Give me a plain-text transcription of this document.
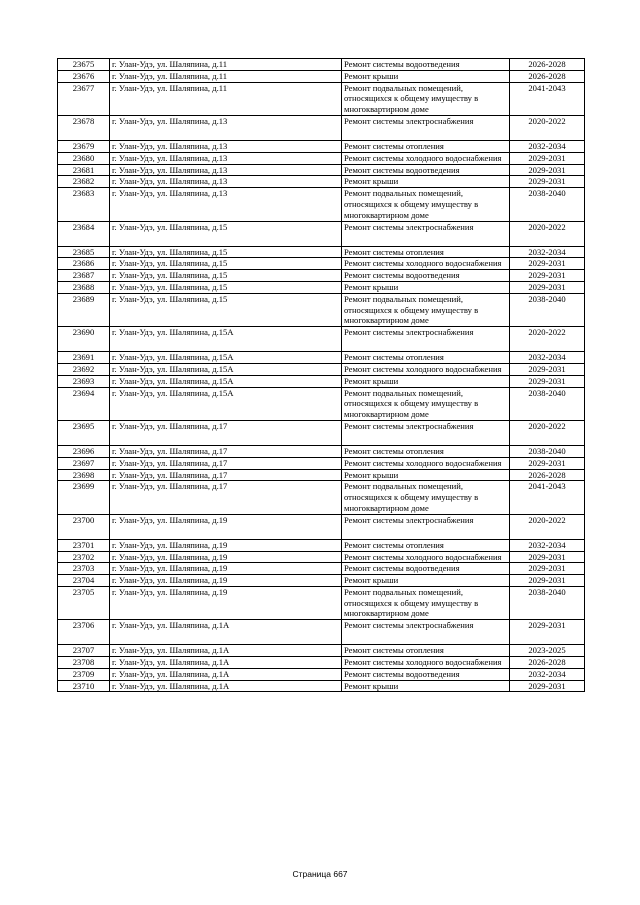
23675	г. Улан-Удэ, ул. Шаляпина, д.11	Ремонт системы водоотведения	2026-2028
23676	г. Улан-Удэ, ул. Шаляпина, д.11	Ремонт крыши	2026-2028
23677	г. Улан-Удэ, ул. Шаляпина, д.11	Ремонт подвальных помещений, относящихся к общему имуществу в многоквартирном доме	2041-2043
23678	г. Улан-Удэ, ул. Шаляпина, д.13	Ремонт системы электроснабжения	2020-2022
23679	г. Улан-Удэ, ул. Шаляпина, д.13	Ремонт системы отопления	2032-2034
23680	г. Улан-Удэ, ул. Шаляпина, д.13	Ремонт системы холодного водоснабжения	2029-2031
23681	г. Улан-Удэ, ул. Шаляпина, д.13	Ремонт системы водоотведения	2029-2031
23682	г. Улан-Удэ, ул. Шаляпина, д.13	Ремонт крыши	2029-2031
23683	г. Улан-Удэ, ул. Шаляпина, д.13	Ремонт подвальных помещений, относящихся к общему имуществу в многоквартирном доме	2038-2040
23684	г. Улан-Удэ, ул. Шаляпина, д.15	Ремонт системы электроснабжения	2020-2022
23685	г. Улан-Удэ, ул. Шаляпина, д.15	Ремонт системы отопления	2032-2034
23686	г. Улан-Удэ, ул. Шаляпина, д.15	Ремонт системы холодного водоснабжения	2029-2031
23687	г. Улан-Удэ, ул. Шаляпина, д.15	Ремонт системы водоотведения	2029-2031
23688	г. Улан-Удэ, ул. Шаляпина, д.15	Ремонт крыши	2029-2031
23689	г. Улан-Удэ, ул. Шаляпина, д.15	Ремонт подвальных помещений, относящихся к общему имуществу в многоквартирном доме	2038-2040
23690	г. Улан-Удэ, ул. Шаляпина, д.15А	Ремонт системы электроснабжения	2020-2022
23691	г. Улан-Удэ, ул. Шаляпина, д.15А	Ремонт системы отопления	2032-2034
23692	г. Улан-Удэ, ул. Шаляпина, д.15А	Ремонт системы холодного водоснабжения	2029-2031
23693	г. Улан-Удэ, ул. Шаляпина, д.15А	Ремонт крыши	2029-2031
23694	г. Улан-Удэ, ул. Шаляпина, д.15А	Ремонт подвальных помещений, относящихся к общему имуществу в многоквартирном доме	2038-2040
23695	г. Улан-Удэ, ул. Шаляпина, д.17	Ремонт системы электроснабжения	2020-2022
23696	г. Улан-Удэ, ул. Шаляпина, д.17	Ремонт системы отопления	2038-2040
23697	г. Улан-Удэ, ул. Шаляпина, д.17	Ремонт системы холодного водоснабжения	2029-2031
23698	г. Улан-Удэ, ул. Шаляпина, д.17	Ремонт крыши	2026-2028
23699	г. Улан-Удэ, ул. Шаляпина, д.17	Ремонт подвальных помещений, относящихся к общему имуществу в многоквартирном доме	2041-2043
23700	г. Улан-Удэ, ул. Шаляпина, д.19	Ремонт системы электроснабжения	2020-2022
23701	г. Улан-Удэ, ул. Шаляпина, д.19	Ремонт системы отопления	2032-2034
23702	г. Улан-Удэ, ул. Шаляпина, д.19	Ремонт системы холодного водоснабжения	2029-2031
23703	г. Улан-Удэ, ул. Шаляпина, д.19	Ремонт системы водоотведения	2029-2031
23704	г. Улан-Удэ, ул. Шаляпина, д.19	Ремонт крыши	2029-2031
23705	г. Улан-Удэ, ул. Шаляпина, д.19	Ремонт подвальных помещений, относящихся к общему имуществу в многоквартирном доме	2038-2040
23706	г. Улан-Удэ, ул. Шаляпина, д.1А	Ремонт системы электроснабжения	2029-2031
23707	г. Улан-Удэ, ул. Шаляпина, д.1А	Ремонт системы отопления	2023-2025
23708	г. Улан-Удэ, ул. Шаляпина, д.1А	Ремонт системы холодного водоснабжения	2026-2028
23709	г. Улан-Удэ, ул. Шаляпина, д.1А	Ремонт системы водоотведения	2032-2034
23710	г. Улан-Удэ, ул. Шаляпина, д.1А	Ремонт крыши	2029-2031
Страница 667
